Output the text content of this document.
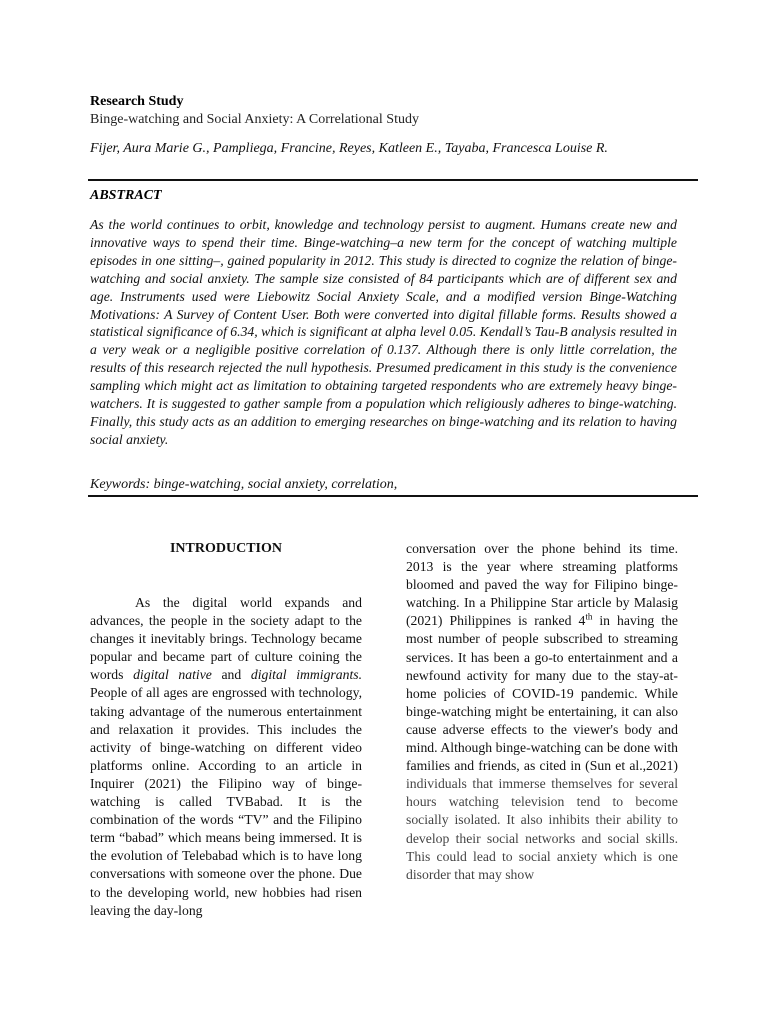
Research Study
Binge-watching and Social Anxiety: A Correlational Study
Fijer, Aura Marie G., Pampliega, Francine, Reyes, Katleen E., Tayaba, Francesca Louise R.
ABSTRACT
As the world continues to orbit, knowledge and technology persist to augment. Humans create new and innovative ways to spend their time. Binge-watching–a new term for the concept of watching multiple episodes in one sitting–, gained popularity in 2012. This study is directed to cognize the relation of binge-watching and social anxiety. The sample size consisted of 84 participants which are of different sex and age. Instruments used were Liebowitz Social Anxiety Scale, and a modified version Binge-Watching Motivations: A Survey of Content User. Both were converted into digital fillable forms. Results showed a statistical significance of 6.34, which is significant at alpha level 0.05. Kendall’s Tau-B analysis resulted in a very weak or a negligible positive correlation of 0.137. Although there is only little correlation, the results of this research rejected the null hypothesis. Presumed predicament in this study is the convenience sampling which might act as limitation to obtaining targeted respondents who are extremely heavy binge-watchers. It is suggested to gather sample from a population which religiously adheres to binge-watching. Finally, this study acts as an addition to emerging researches on binge-watching and its relation to having social anxiety.
Keywords: binge-watching, social anxiety, correlation,
INTRODUCTION

As the digital world expands and advances, the people in the society adapt to the changes it inevitably brings. Technology became popular and became part of culture coining the words digital native and digital immigrants. People of all ages are engrossed with technology, taking advantage of the numerous entertainment and relaxation it provides. This includes the activity of binge-watching on different video platforms online. According to an article in Inquirer (2021) the Filipino way of binge-watching is called TVBabad. It is the combination of the words “TV” and the Filipino term “babad” which means being immersed. It is the evolution of Telebabad which is to have long conversations with someone over the phone. Due to the developing world, new hobbies had risen leaving the day-long

conversation over the phone behind its time. 2013 is the year where streaming platforms bloomed and paved the way for Filipino binge-watching. In a Philippine Star article by Malasig (2021) Philippines is ranked 4th in having the most number of people subscribed to streaming services. It has been a go-to entertainment and a newfound activity for many due to the stay-at-home policies of COVID-19 pandemic. While binge-watching might be entertaining, it can also cause adverse effects to the viewer's body and mind. Although binge-watching can be done with families and friends, as cited in (Sun et al.,2021) individuals that immerse themselves for several hours watching television tend to become socially isolated. It also inhibits their ability to develop their social networks and social skills. This could lead to social anxiety which is one disorder that may show
